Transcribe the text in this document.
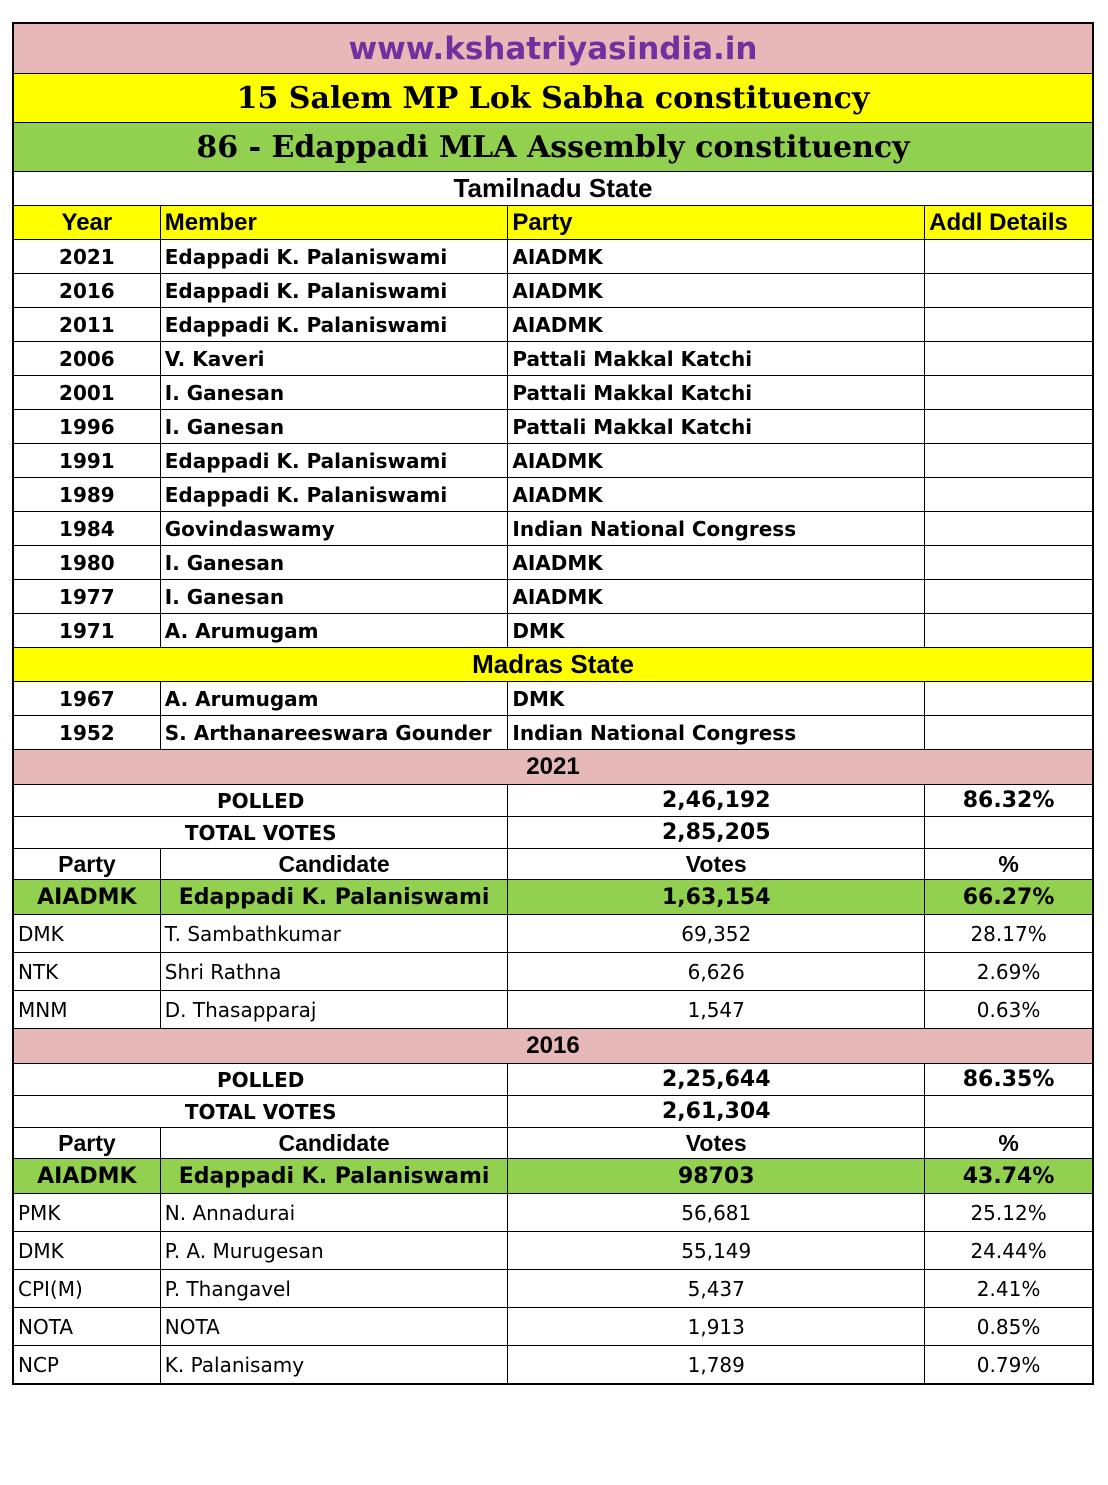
www.kshatriyasindia.in			
15 Salem MP Lok Sabha constituency			
86 - Edappadi MLA Assembly constituency			
Tamilnadu State			
Year	Member	Party	Addl Details
2021	Edappadi K. Palaniswami	AIADMK	
2016	Edappadi K. Palaniswami	AIADMK	
2011	Edappadi K. Palaniswami	AIADMK	
2006	V. Kaveri	Pattali Makkal Katchi	
2001	I. Ganesan	Pattali Makkal Katchi	
1996	I. Ganesan	Pattali Makkal Katchi	
1991	Edappadi K. Palaniswami	AIADMK	
1989	Edappadi K. Palaniswami	AIADMK	
1984	Govindaswamy	Indian National Congress	
1980	I. Ganesan	AIADMK	
1977	I. Ganesan	AIADMK	
1971	A. Arumugam	DMK	
Madras State			
1967	A. Arumugam	DMK	
1952	S. Arthanareeswara Gounder	Indian National Congress	
2021			
POLLED		2,46,192	86.32%
TOTAL VOTES		2,85,205	
Party	Candidate	Votes	%
AIADMK	Edappadi K. Palaniswami	1,63,154	66.27%
DMK	T. Sambathkumar	69,352	28.17%
NTK	Shri Rathna	6,626	2.69%
MNM	D. Thasapparaj	1,547	0.63%
2016			
POLLED		2,25,644	86.35%
TOTAL VOTES		2,61,304	
Party	Candidate	Votes	%
AIADMK	Edappadi K. Palaniswami	98703	43.74%
PMK	N. Annadurai	56,681	25.12%
DMK	P. A. Murugesan	55,149	24.44%
CPI(M)	P. Thangavel	5,437	2.41%
NOTA	NOTA	1,913	0.85%
NCP	K. Palanisamy	1,789	0.79%
